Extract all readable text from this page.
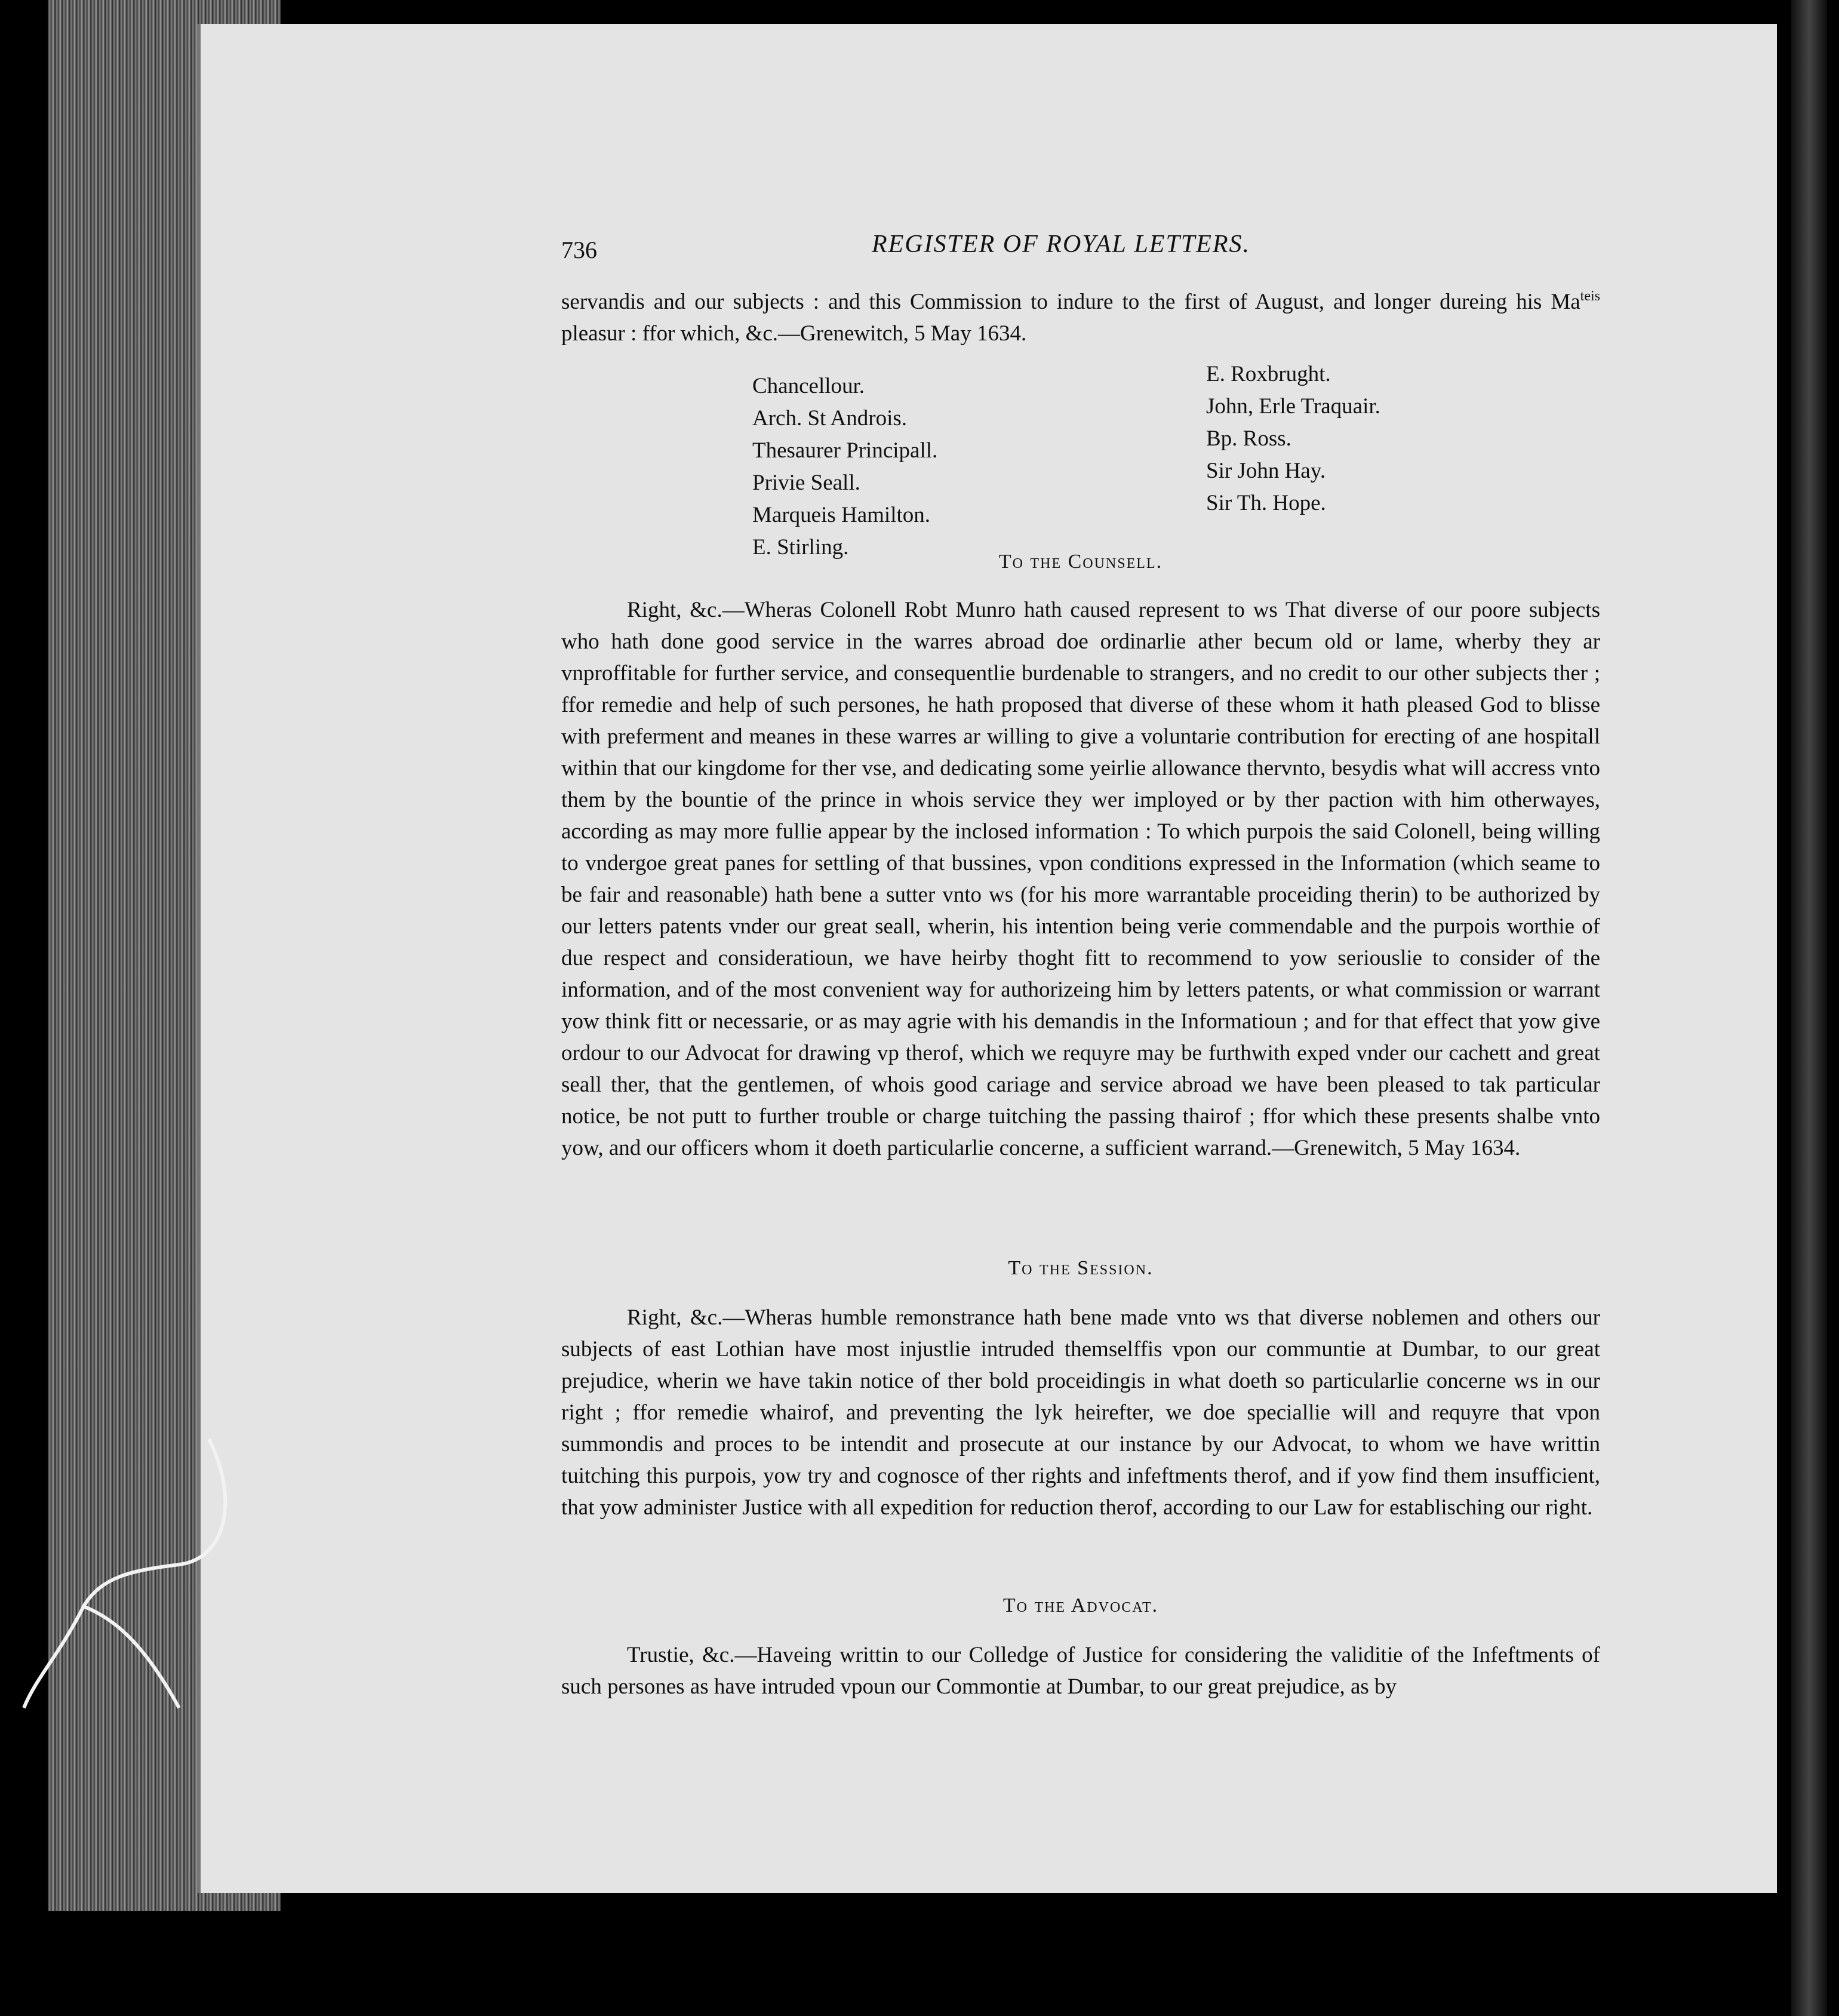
736	REGISTER OF ROYAL LETTERS.

servandis and our subjects : and this Commission to indure to the first of August, and longer dureing his $Ma^{teis}$ pleasur : ffor which, &c.—Grenewitch, 5 May 1634.

Chancellour.
Arch. St Androis.
Thesaurer Principall.
Privie Seall.
Marqueis Hamilton.
E. Stirling.
E. Roxbrught.
John, Erle Traquair.
Bp. Ross.
Sir John Hay.
Sir Th. Hope.
To the Counsell.

Right, &c.—Wheras Colonell Robt Munro hath caused represent to ws That diverse of our poore subjects who hath done good service in the warres abroad doe ordinarlie ather becum old or lame, wherby they ar vnproffitable for further service, and consequentlie burdenable to strangers, and no credit to our other subjects ther ; ffor remedie and help of such persones, he hath proposed that diverse of these whom it hath pleased God to blisse with preferment and meanes in these warres ar willing to give a voluntarie contribution for erecting of ane hospitall within that our kingdome for ther vse, and dedicating some yeirlie allowance thervnto, besydis what will accress vnto them by the bountie of the prince in whois service they wer imployed or by ther paction with him otherwayes, according as may more fullie appear by the inclosed information : To which purpois the said Colonell, being willing to vndergoe great panes for settling of that bussines, vpon conditions expressed in the Information (which seame to be fair and reasonable) hath bene a sutter vnto ws (for his more warrantable proceiding therin) to be authorized by our letters patents vnder our great seall, wherin, his intention being verie commendable and the purpois worthie of due respect and consideratioun, we have heirby thoght fitt to recommend to yow seriouslie to consider of the information, and of the most convenient way for authorizeing him by letters patents, or what commission or warrant yow think fitt or necessarie, or as may agrie with his demandis in the Informatioun ; and for that effect that yow give ordour to our Advocat for drawing vp therof, which we requyre may be furthwith exped vnder our cachett and great seall ther, that the gentlemen, of whois good cariage and service abroad we have been pleased to tak particular notice, be not putt to further trouble or charge tuitching the passing thairof ; ffor which these presents shalbe vnto yow, and our officers whom it doeth particularlie concerne, a sufficient warrand.—Grenewitch, 5 May 1634.

To the Session.

Right, &c.—Wheras humble remonstrance hath bene made vnto ws that diverse noblemen and others our subjects of east Lothian have most injustlie intruded themselffis vpon our communtie at Dumbar, to our great prejudice, wherin we have takin notice of ther bold proceidingis in what doeth so particularlie concerne ws in our right ; ffor remedie whairof, and preventing the lyk heirefter, we doe speciallie will and requyre that vpon summondis and proces to be intendit and prosecute at our instance by our Advocat, to whom we have writtin tuitching this purpois, yow try and cognosce of ther rights and infeftments therof, and if yow find them insufficient, that yow administer Justice with all expedition for reduction therof, according to our Law for establisching our right.

To the Advocat.

Trustie, &c.—Haveing writtin to our Colledge of Justice for considering the validitie of the Infeftments of such persones as have intruded vpoun our Commontie at Dumbar, to our great prejudice, as by
